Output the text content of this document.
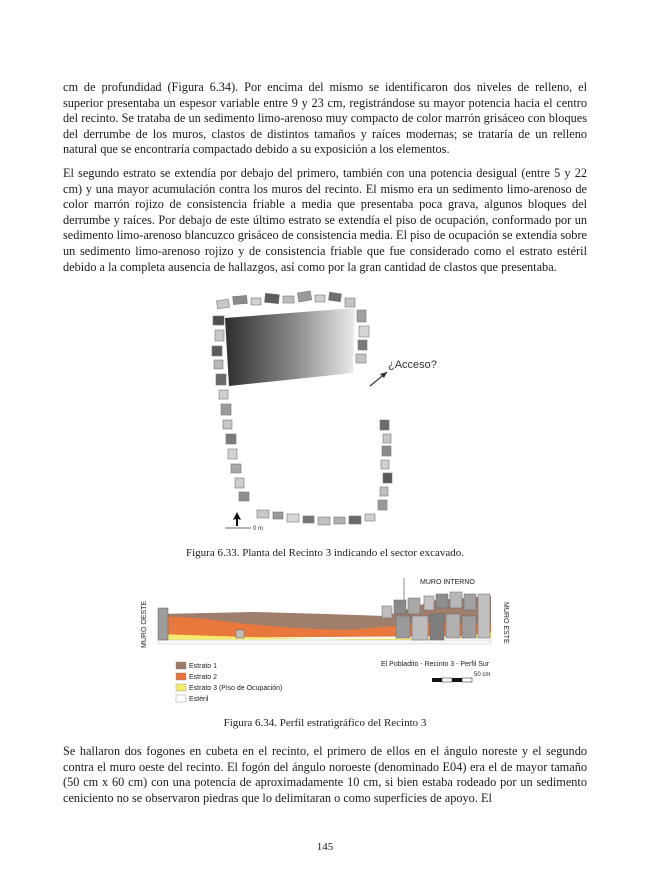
cm de profundidad (Figura 6.34). Por encima del mismo se identificaron dos niveles de relleno, el superior presentaba un espesor variable entre 9 y 23 cm, registrándose su mayor potencia hacia el centro del recinto. Se trataba de un sedimento limo-arenoso muy compacto de color marrón grisáceo con bloques del derrumbe de los muros, clastos de distintos tamaños y raíces modernas; se trataría de un relleno natural que se encontraría compactado debido a su exposición a los elementos.

El segundo estrato se extendía por debajo del primero, también con una potencia desigual (entre 5 y 22 cm) y una mayor acumulación contra los muros del recinto. El mismo era un sedimento limo-arenoso de color marrón rojizo de consistencia friable a media que presentaba poca grava, algunos bloques del derrumbe y raíces. Por debajo de este último estrato se extendía el piso de ocupación, conformado por un sedimento limo-arenoso blancuzco grisáceo de consistencia media. El piso de ocupación se extendía sobre un sedimento limo-arenoso rojizo y de consistencia friable que fue considerado como el estrato estéril debido a la completa ausencia de hallazgos, así como por la gran cantidad de clastos que presentaba.

¿Acceso?
0 m

Figura 6.33. Planta del Recinto 3 indicando el sector excavado.

MURO OESTE	MURO ESTE
MURO INTERNO
Estrato 1
Estrato 2
Estrato 3 (Piso de Ocupación)
Estéril
El Pobladito - Recinto 3 - Perfil Sur
50 cm

Figura 6.34. Perfil estratigráfico del Recinto 3

Se hallaron dos fogones en cubeta en el recinto, el primero de ellos en el ángulo noreste y el segundo contra el muro oeste del recinto. El fogón del ángulo noroeste (denominado E04) era el de mayor tamaño (50 cm x 60 cm) con una potencia de aproximadamente 10 cm, si bien estaba rodeado por un sedimento ceniciento no se observaron piedras que lo delimitaran o como superficies de apoyo. El

145
